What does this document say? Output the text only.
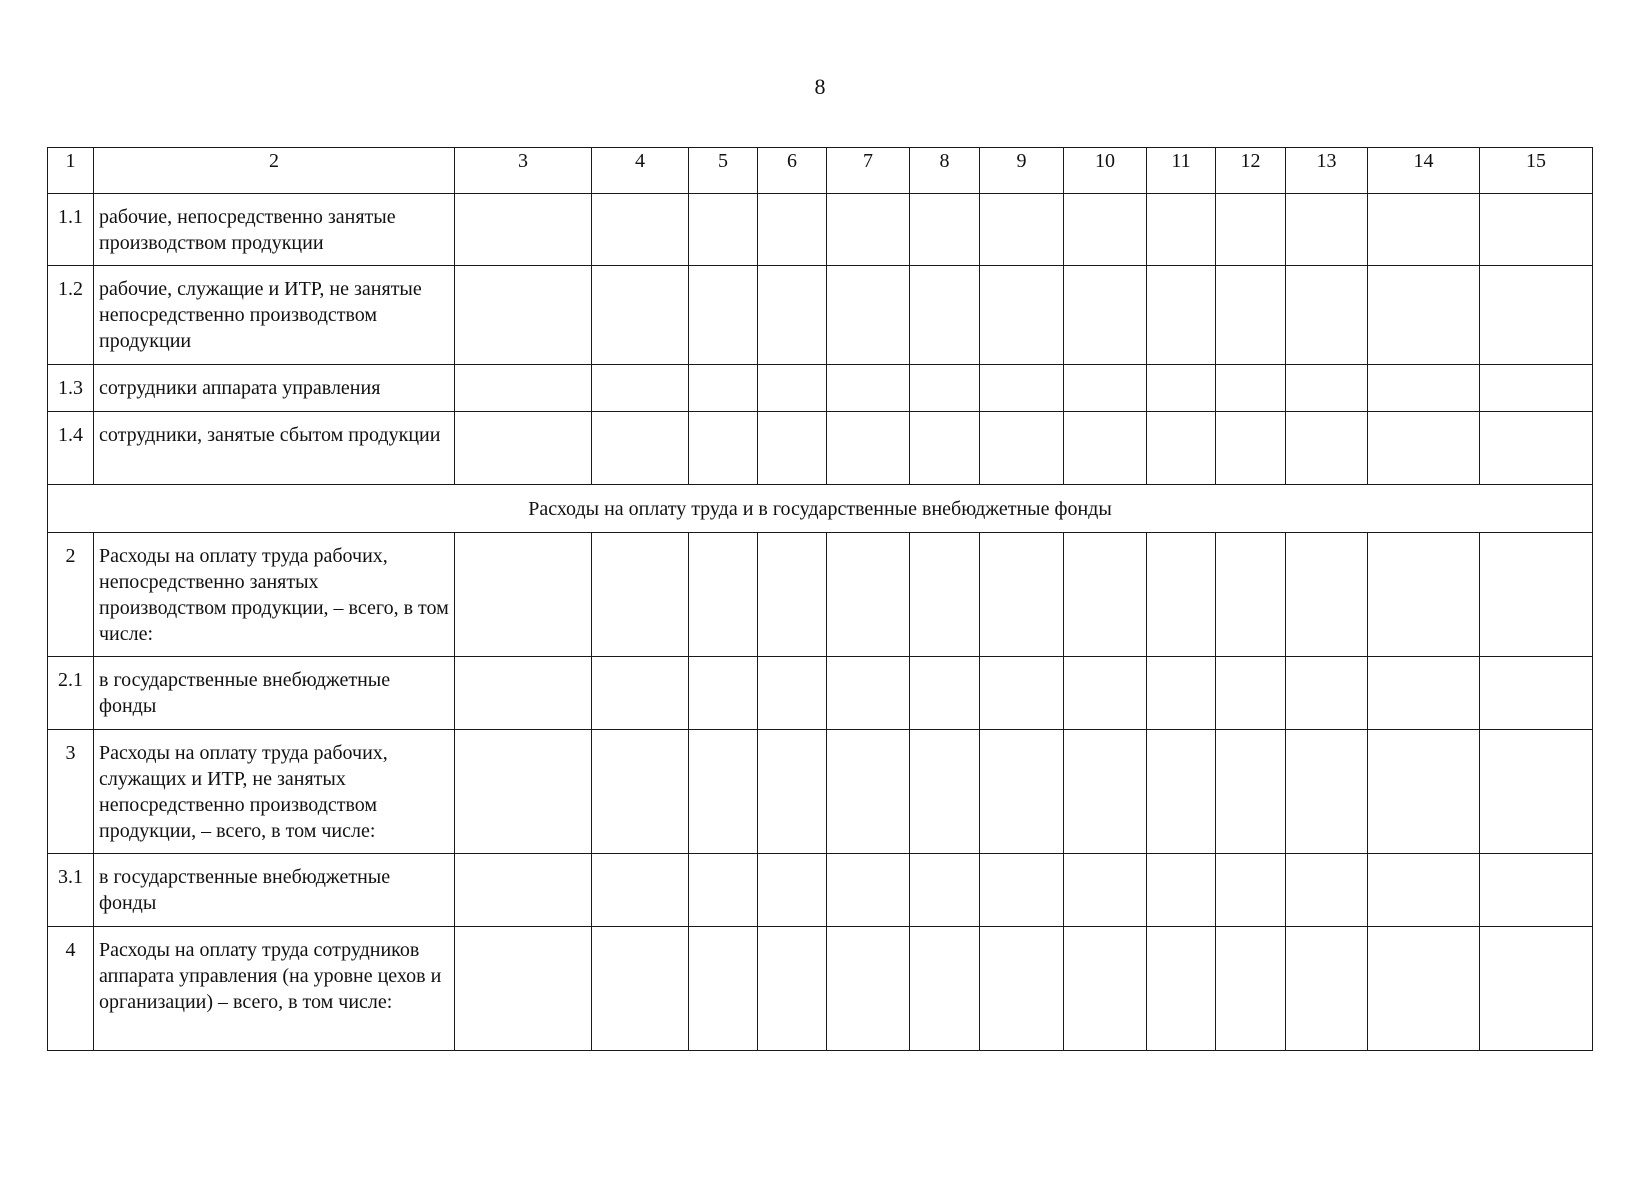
8
1	2	3	4	5	6	7	8	9	10	11	12	13	14	15
1.1	рабочие, непосредственно занятые производством продукции													
1.2	рабочие, служащие и ИТР, не занятые непосредственно производством продукции													
1.3	сотрудники аппарата управления													
1.4	сотрудники, занятые сбытом продукции													
Расходы на оплату труда и в государственные внебюджетные фонды														
2	Расходы на оплату труда рабочих, непосредственно занятых производством продукции, – всего, в том числе:													
2.1	в государственные внебюджетные фонды													
3	Расходы на оплату труда рабочих, служащих и ИТР, не занятых непосредственно производством продукции, – всего, в том числе:													
3.1	в государственные внебюджетные фонды													
4	Расходы на оплату труда сотрудников аппарата управления (на уровне цехов и организации) – всего, в том числе:													
